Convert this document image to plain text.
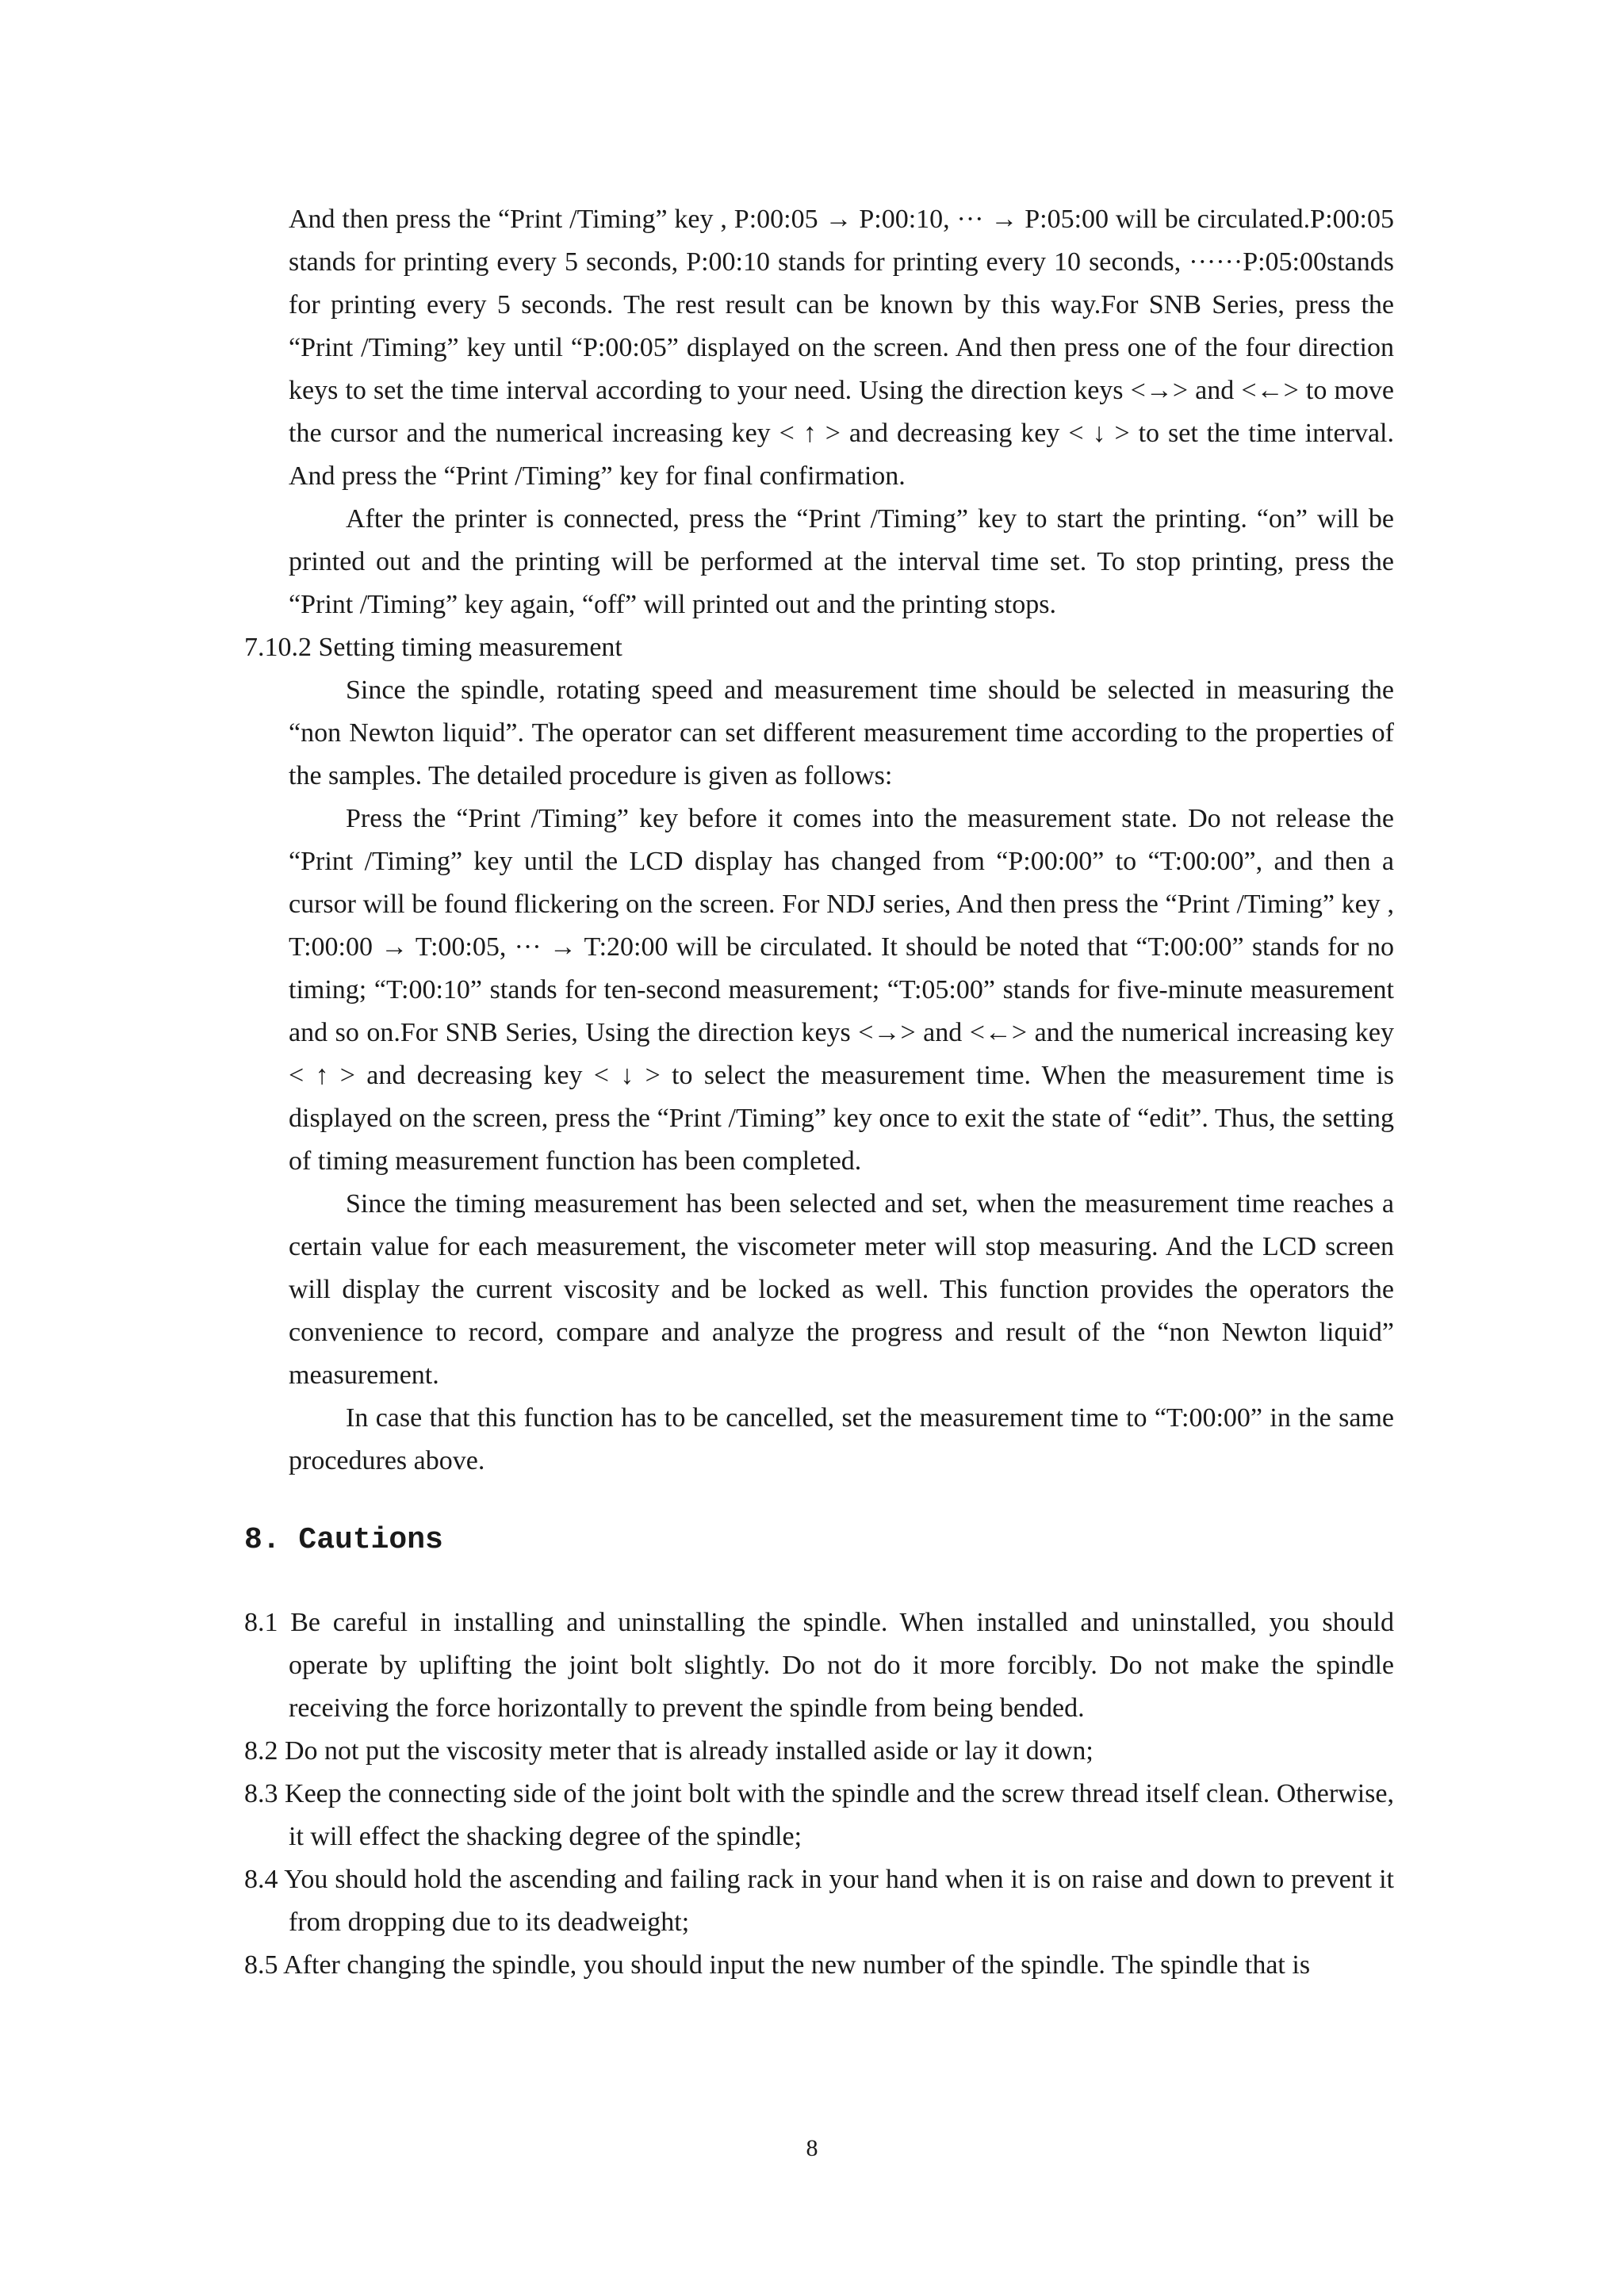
And then press the “Print /Timing” key , P:00:05 → P:00:10, ··· → P:05:00 will be circulated.P:00:05 stands for printing every 5 seconds, P:00:10 stands for printing every 10 seconds, ······P:05:00stands for printing every 5 seconds. The rest result can be known by this way.For SNB Series, press the “Print /Timing” key until “P:00:05” displayed on the screen. And then press one of the four direction keys to set the time interval according to your need. Using the direction keys <→> and <←> to move the cursor and the numerical increasing key < ↑ > and decreasing key < ↓ > to set the time interval. And press the “Print /Timing” key for final confirmation.

After the printer is connected, press the “Print /Timing” key to start the printing. “on” will be printed out and the printing will be performed at the interval time set. To stop printing, press the “Print /Timing” key again, “off” will printed out and the printing stops.

7.10.2 Setting timing measurement

Since the spindle, rotating speed and measurement time should be selected in measuring the “non Newton liquid”. The operator can set different measurement time according to the properties of the samples. The detailed procedure is given as follows:

Press the “Print /Timing” key before it comes into the measurement state. Do not release the “Print /Timing” key until the LCD display has changed from “P:00:00” to “T:00:00”, and then a cursor will be found flickering on the screen. For NDJ series, And then press the “Print /Timing” key , T:00:00 → T:00:05, ··· → T:20:00 will be circulated. It should be noted that “T:00:00” stands for no timing; “T:00:10” stands for ten-second measurement; “T:05:00” stands for five-minute measurement and so on.For SNB Series, Using the direction keys <→> and <←> and the numerical increasing key < ↑ > and decreasing key < ↓ > to select the measurement time. When the measurement time is displayed on the screen, press the “Print /Timing” key once to exit the state of “edit”. Thus, the setting of timing measurement function has been completed.

Since the timing measurement has been selected and set, when the measurement time reaches a certain value for each measurement, the viscometer meter will stop measuring. And the LCD screen will display the current viscosity and be locked as well. This function provides the operators the convenience to record, compare and analyze the progress and result of the “non Newton liquid” measurement.

In case that this function has to be cancelled, set the measurement time to “T:00:00” in the same procedures above.

8. Cautions

8.1 Be careful in installing and uninstalling the spindle. When installed and uninstalled, you should operate by uplifting the joint bolt slightly. Do not do it more forcibly. Do not make the spindle receiving the force horizontally to prevent the spindle from being bended.

8.2 Do not put the viscosity meter that is already installed aside or lay it down;

8.3 Keep the connecting side of the joint bolt with the spindle and the screw thread itself clean. Otherwise, it will effect the shacking degree of the spindle;

8.4 You should hold the ascending and failing rack in your hand when it is on raise and down to prevent it from dropping due to its deadweight;

8.5 After changing the spindle, you should input the new number of the spindle. The spindle that is

8
